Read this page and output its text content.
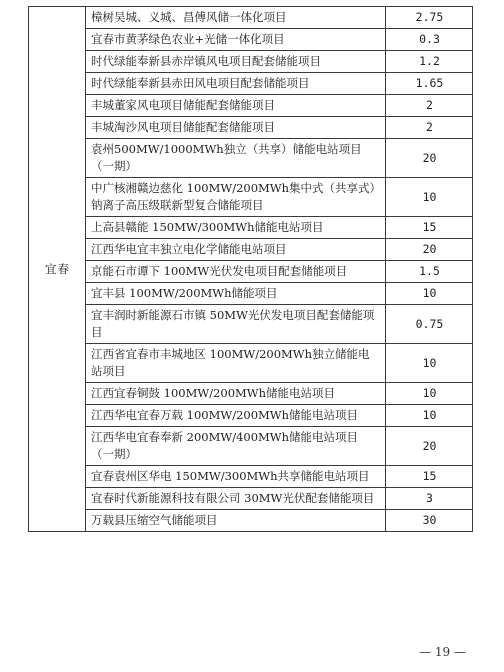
宜春	樟树吴城、义城、昌傅风储一体化项目	2.75
	宜春市黄茅绿色农业+光储一体化项目	0.3
	时代绿能奉新县赤岸镇风电项目配套储能项目	1.2
	时代绿能奉新县赤田风电项目配套储能项目	1.65
	丰城董家风电项目储能配套储能项目	2
	丰城淘沙风电项目储能配套储能项目	2
	袁州500MW/1000MWh独立（共享）储能电站项目（一期）	20
	中广核湘赣边慈化 100MW/200MWh集中式（共享式）钠离子高压级联新型复合储能项目	10
	上高县赣能 150MW/300MWh储能电站项目	15
	江西华电宜丰独立电化学储能电站项目	20
	京能石市谭下 100MW光伏发电项目配套储能项目	1.5
	宜丰县 100MW/200MWh储能项目	10
	宜丰润时新能源石市镇 50MW光伏发电项目配套储能项目	0.75
	江西省宜春市丰城地区 100MW/200MWh独立储能电站项目	10
	江西宜春铜鼓 100MW/200MWh储能电站项目	10
	江西华电宜春万载 100MW/200MWh储能电站项目	10
	江西华电宜春奉新 200MW/400MWh储能电站项目（一期）	20
	宜春袁州区华电 150MW/300MWh共享储能电站项目	15
	宜春时代新能源科技有限公司 30MW光伏配套储能项目	3
	万载县压缩空气储能项目	30
— 19 —
